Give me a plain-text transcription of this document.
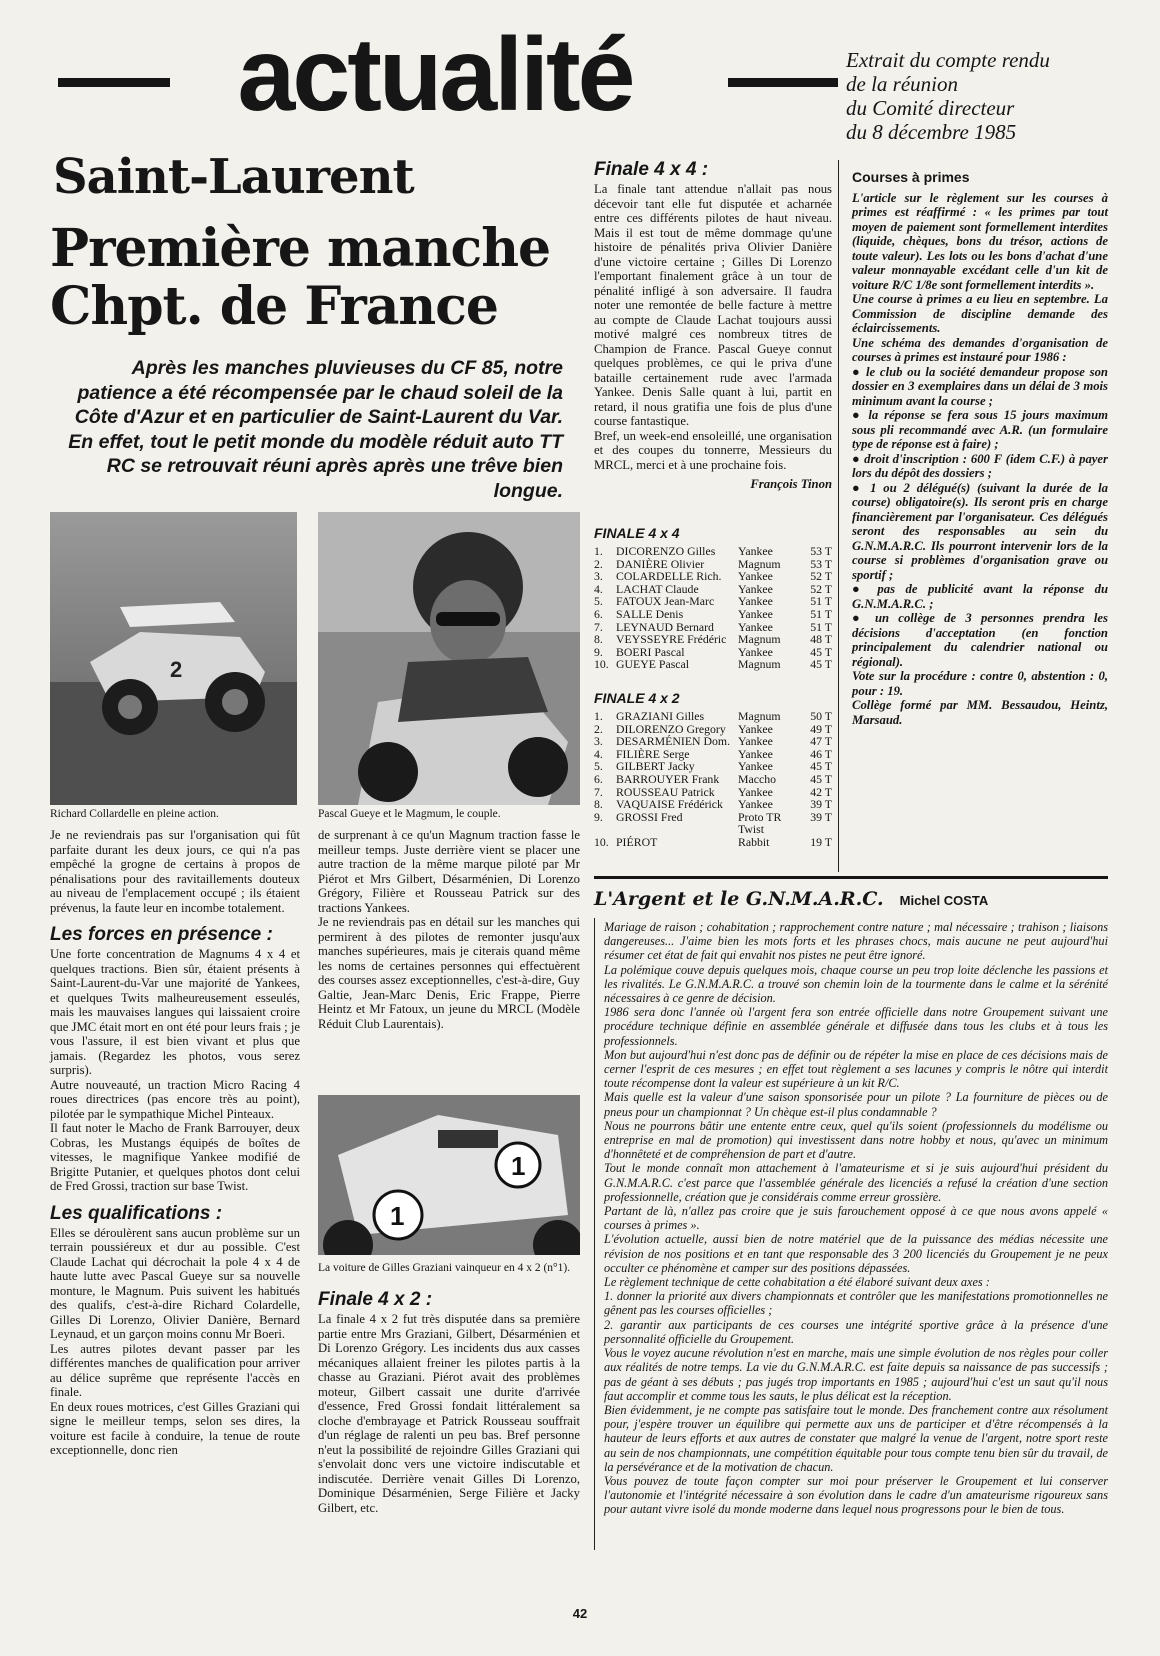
actualité	Extrait du compte rendu
de la réunion
du Comité directeur
du 8 décembre 1985
Saint-Laurent
Première manche
Chpt. de France
Après les manches pluvieuses du CF 85, notre patience a été récompensée par le chaud soleil de la Côte d'Azur et en particulier de Saint-Laurent du Var. En effet, tout le petit monde du modèle réduit auto TT RC se retrouvait réuni après après une trêve bien longue.
2
Richard Collardelle en pleine action.	Pascal Gueye et le Magmum, le couple.

Je ne reviendrais pas sur l'organisation qui fût parfaite durant les deux jours, ce qui n'a pas empêché la grogne de certains à propos de pénalisations pour des ravitaillements douteux au niveau de l'emplacement occupé ; ils étaient prévenus, la faute leur en incombe totalement.

Les forces en présence :

Une forte concentration de Magnums 4 x 4 et quelques tractions. Bien sûr, étaient présents à Saint-Laurent-du-Var une majorité de Yankees, et quelques Twits malheureusement esseulés, mais les mauvaises langues qui laissaient croire que JMC était mort en ont été pour leurs frais ; je vous l'assure, il est bien vivant et plus que jamais. (Regardez les photos, vous serez surpris).

Autre nouveauté, un traction Micro Racing 4 roues directrices (pas encore très au point), pilotée par le sympathique Michel Pinteaux.

Il faut noter le Macho de Frank Barrouyer, deux Cobras, les Mustangs équipés de boîtes de vitesses, le magnifique Yankee modifié de Brigitte Putanier, et quelques photos dont celui de Fred Grossi, traction sur base Twist.

Les qualifications :

Elles se déroulèrent sans aucun problème sur un terrain poussiéreux et dur au possible. C'est Claude Lachat qui décrochait la pole 4 x 4 de haute lutte avec Pascal Gueye sur sa nouvelle monture, le Magnum. Puis suivent les habitués des qualifs, c'est-à-dire Richard Colardelle, Gilles Di Lorenzo, Olivier Danière, Bernard Leynaud, et un garçon moins connu Mr Boeri.

Les autres pilotes devant passer par les différentes manches de qualification pour arriver au délice suprême que représente l'accès en finale.

En deux roues motrices, c'est Gilles Graziani qui signe le meilleur temps, selon ses dires, la voiture est facile à conduire, la tenue de route exceptionnelle, donc rien

de surprenant à ce qu'un Magnum traction fasse le meilleur temps. Juste derrière vient se placer une autre traction de la même marque piloté par Mr Piérot et Mrs Gilbert, Désarménien, Di Lorenzo Grégory, Filière et Rousseau Patrick sur des tractions Yankees.

Je ne reviendrais pas en détail sur les manches qui permirent à des pilotes de remonter jusqu'aux manches supérieures, mais je citerais quand même les noms de certaines personnes qui effectuèrent des courses assez exceptionnelles, c'est-à-dire, Guy Galtie, Jean-Marc Denis, Eric Frappe, Pierre Heintz et Mr Fatoux, un jeune du MRCL (Modèle Réduit Club Laurentais).

1
1
La voiture de Gilles Graziani vainqueur en 4 x 2 (n°1).
Finale 4 x 2 :

La finale 4 x 2 fut très disputée dans sa première partie entre Mrs Graziani, Gilbert, Désarménien et Di Lorenzo Grégory. Les incidents dus aux casses mécaniques allaient freiner les pilotes partis à la chasse au Graziani. Piérot avait des problèmes moteur, Gilbert cassait une durite d'arrivée d'essence, Fred Grossi fondait littéralement sa cloche d'embrayage et Patrick Rousseau souffrait d'un réglage de ralenti un peu bas. Bref personne n'eut la possibilité de rejoindre Gilles Graziani qui s'envolait donc vers une victoire indiscutable et indiscutée. Derrière venait Gilles Di Lorenzo, Dominique Désarménien, Serge Filière et Jacky Gilbert, etc.

Finale 4 x 4 :

La finale tant attendue n'allait pas nous décevoir tant elle fut disputée et acharnée entre ces différents pilotes de haut niveau. Mais il est tout de même dommage qu'une histoire de pénalités priva Olivier Danière d'une victoire certaine ; Gilles Di Lorenzo l'emportant finalement grâce à un tour de pénalité infligé à son adversaire. Il faudra noter une remontée de belle facture à mettre au compte de Claude Lachat toujours aussi motivé malgré ces nombreux titres de Champion de France. Pascal Gueye connut quelques problèmes, ce qui le priva d'une bataille certainement rude avec l'armada Yankee. Denis Salle quant à lui, partit en retard, il nous gratifia une fois de plus d'une course fantastique.

Bref, un week-end ensoleillé, une organisation et des coupes du tonnerre, Messieurs du MRCL, merci et à une prochaine fois.

François Tinon
FINALE 4 x 4
1.	DICORENZO Gilles	Yankee	53 T
2.	DANIÈRE Olivier	Magnum	53 T
3.	COLARDELLE Rich.	Yankee	52 T
4.	LACHAT Claude	Yankee	52 T
5.	FATOUX Jean-Marc	Yankee	51 T
6.	SALLE Denis	Yankee	51 T
7.	LEYNAUD Bernard	Yankee	51 T
8.	VEYSSEYRE Frédéric	Magnum	48 T
9.	BOERI Pascal	Yankee	45 T
10.	GUEYE Pascal	Magnum	45 T
FINALE 4 x 2
1.	GRAZIANI Gilles	Magnum	50 T
2.	DILORENZO Gregory	Yankee	49 T
3.	DESARMÉNIEN Dom.	Yankee	47 T
4.	FILIÈRE Serge	Yankee	46 T
5.	GILBERT Jacky	Yankee	45 T
6.	BARROUYER Frank	Maccho	45 T
7.	ROUSSEAU Patrick	Yankee	42 T
8.	VAQUAISE Frédérick	Yankee	39 T
9.	GROSSI Fred	Proto TR	39 T
		Twist	
10.	PIÉROT	Rabbit	19 T
Courses à primes

L'article sur le règlement sur les courses à primes est réaffirmé : « les primes par tout moyen de paiement sont formellement interdites (liquide, chèques, bons du trésor, actions de toute valeur). Les lots ou les bons d'achat d'une valeur monnayable excédant celle d'un kit de voiture R/C 1/8e sont formellement interdits ».

Une course à primes a eu lieu en septembre. La Commission de discipline demande des éclaircissements.

Une schéma des demandes d'organisation de courses à primes est instauré pour 1986 :

● le club ou la société demandeur propose son dossier en 3 exemplaires dans un délai de 3 mois minimum avant la course ;

● la réponse se fera sous 15 jours maximum sous pli recommandé avec A.R. (un formulaire type de réponse est à faire) ;

● droit d'inscription : 600 F (idem C.F.) à payer lors du dépôt des dossiers ;

● 1 ou 2 délégué(s) (suivant la durée de la course) obligatoire(s). Ils seront pris en charge financièrement par l'organisateur. Ces délégués seront des responsables au sein du G.N.M.A.R.C. Ils pourront intervenir lors de la course si problèmes d'organisation grave ou sportif ;

● pas de publicité avant la réponse du G.N.M.A.R.C. ;

● un collège de 3 personnes prendra les décisions d'acceptation (en fonction principalement du calendrier national ou régional).

Vote sur la procédure : contre 0, abstention : 0, pour : 19.

Collège formé par MM. Bessaudou, Heintz, Marsaud.

L'Argent et le G.N.M.A.R.C. Michel COSTA

Mariage de raison ; cohabitation ; rapprochement contre nature ; mal nécessaire ; trahison ; liaisons dangereuses... J'aime bien les mots forts et les phrases chocs, mais aucune ne peut aujourd'hui résumer cet état de fait qui envahit nos pistes ne peut être ignoré.

La polémique couve depuis quelques mois, chaque course un peu trop loite déclenche les passions et les rivalités. Le G.N.M.A.R.C. a trouvé son chemin loin de la tourmente dans le calme et la sérénité nécessaires à ce genre de décision.

1986 sera donc l'année où l'argent fera son entrée officielle dans notre Groupement suivant une procédure technique définie en assemblée générale et diffusée dans tous les clubs et à tous les professionnels.

Mon but aujourd'hui n'est donc pas de définir ou de répéter la mise en place de ces décisions mais de cerner l'esprit de ces mesures ; en effet tout règlement a ses lacunes y compris le nôtre qui interdit toute récompense dont la valeur est supérieure à un kit R/C.

Mais quelle est la valeur d'une saison sponsorisée pour un pilote ? La fourniture de pièces ou de pneus pour un championnat ? Un chèque est-il plus condamnable ?

Nous ne pourrons bâtir une entente entre ceux, quel qu'ils soient (professionnels du modélisme ou entreprise en mal de promotion) qui investissent dans notre hobby et nous, qu'avec un minimum d'honnêteté et de compréhension de part et d'autre.

Tout le monde connaît mon attachement à l'amateurisme et si je suis aujourd'hui président du G.N.M.A.R.C. c'est parce que l'assemblée générale des licenciés a refusé la création d'une section professionnelle, création que je considérais comme erreur grossière.

Partant de là, n'allez pas croire que je suis farouchement opposé à ce que nous avons appelé « courses à primes ».

L'évolution actuelle, aussi bien de notre matériel que de la puissance des médias nécessite une révision de nos positions et en tant que responsable des 3 200 licenciés du Groupement je ne peux occulter ce phénomène et camper sur des positions dépassées.

Le règlement technique de cette cohabitation a été élaboré suivant deux axes :

1. donner la priorité aux divers championnats et contrôler que les manifestations promotionnelles ne gênent pas les courses officielles ;

2. garantir aux participants de ces courses une intégrité sportive grâce à la présence d'une personnalité officielle du Groupement.

Vous le voyez aucune révolution n'est en marche, mais une simple évolution de nos règles pour coller aux réalités de notre temps. La vie du G.N.M.A.R.C. est faite depuis sa naissance de pas successifs ; pas de géant à ses débuts ; pas jugés trop importants en 1985 ; aujourd'hui c'est un saut qu'il nous faut accomplir et comme tous les sauts, le plus délicat est la réception.

Bien évidemment, je ne compte pas satisfaire tout le monde. Des franchement contre aux résolument pour, j'espère trouver un équilibre qui permette aux uns de participer et d'être récompensés à la hauteur de leurs efforts et aux autres de constater que malgré la venue de l'argent, notre sport reste au sein de nos championnats, une compétition équitable pour tous compte tenu bien sûr du travail, de la persévérance et de la motivation de chacun.

Vous pouvez de toute façon compter sur moi pour préserver le Groupement et lui conserver l'autonomie et l'intégrité nécessaire à son évolution dans le cadre d'un amateurisme rigoureux sans pour autant vivre isolé du monde moderne dans lequel nous progressons pour le bien de tous.

42
